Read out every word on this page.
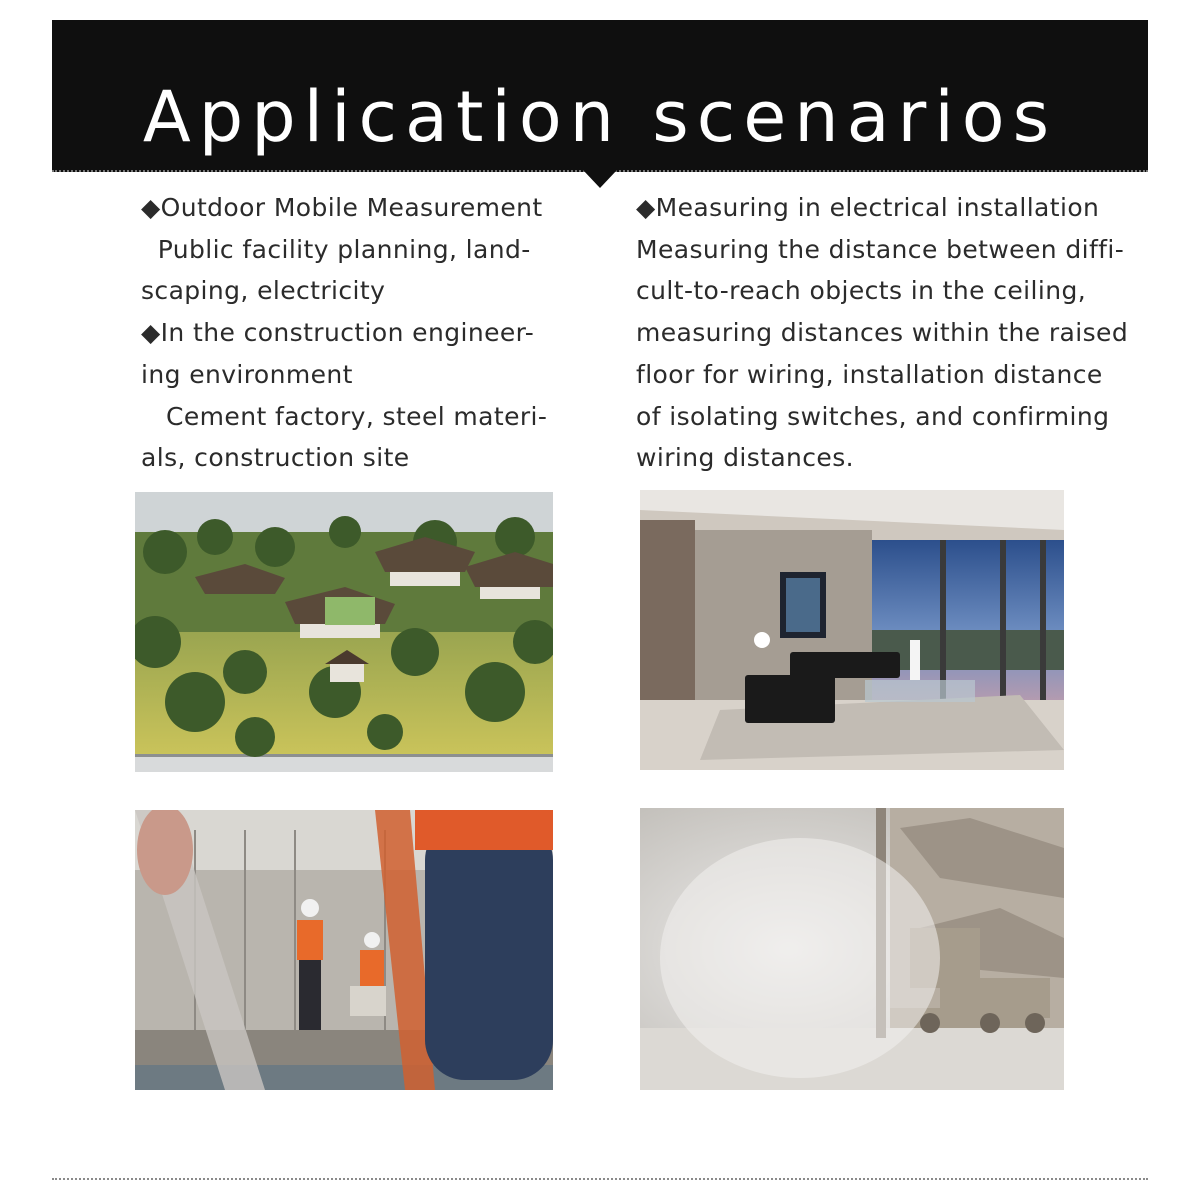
Application scenarios
◆Outdoor Mobile Measurement
Public facility planning, land-
scaping, electricity
◆In the construction engineer-
ing environment
Cement factory, steel materi-
als, construction site
◆Measuring in electrical installation
Measuring the distance between diffi-
cult-to-reach objects in the ceiling,
measuring distances within the raised
floor for wiring, installation distance
of isolating switches, and confirming
wiring distances.
